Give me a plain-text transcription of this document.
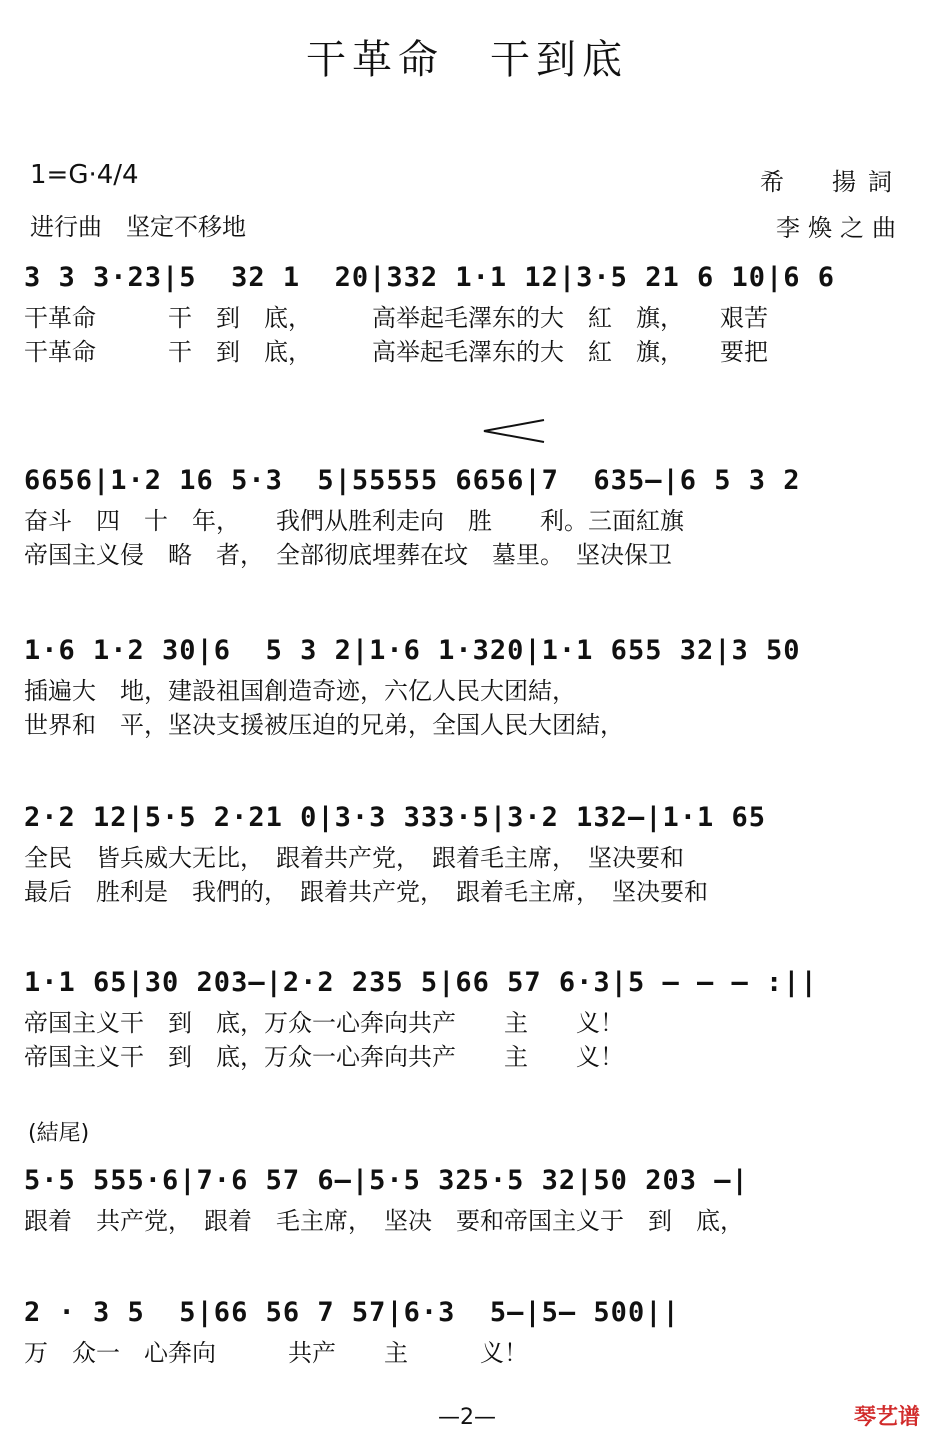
干革命　干到底
1=G·4/4
进行曲　坚定不移地
希　揚詞
李煥之曲
3 3 3·23|5  32 1  20|332 1·1 12|3·5 21 6 10|6 6
干革命　　　干　到　底，　　　高举起毛澤东的大　紅　旗，　　艰苦
干革命　　　干　到　底，　　　高举起毛澤东的大　紅　旗，　　要把
6656|1·2 16 5·3  5|55555 6656|7  635—|6 5 3 2
奋斗　四　十　年，　　我們从胜利走向　胜　　利。三面紅旗
帝国主义侵　略　者，　全部彻底埋葬在坟　墓里。　坚决保卫
1·6 1·2 30|6  5 3 2|1·6 1·320|1·1 655 32|3 50
插遍大　地，建設祖国創造奇迹，六亿人民大团結，
世界和　平，坚决支援被压迫的兄弟，全国人民大团結，
2·2 12|5·5 2·21 0|3·3 333·5|3·2 132—|1·1 65
全民　皆兵威大无比，　跟着共产党，　跟着毛主席，　坚决要和
最后　胜利是　我們的，　跟着共产党，　跟着毛主席，　坚决要和
1·1 65|30 203—|2·2 235 5|66 57 6·3|5 — — — :||
帝国主义干　到　底，万众一心奔向共产　　主　　义！
帝国主义干　到　底，万众一心奔向共产　　主　　义！
(結尾)
5·5 555·6|7·6 57 6—|5·5 325·5 32|50 203 —|
跟着　共产党，　跟着　毛主席，　坚决　要和帝国主义于　到　底，
2 · 3 5  5|66 56 7 57|6·3  5—|5— 500||
万　众一　心奔向　　　共产　　主　　　义！
—2—	琴艺谱
